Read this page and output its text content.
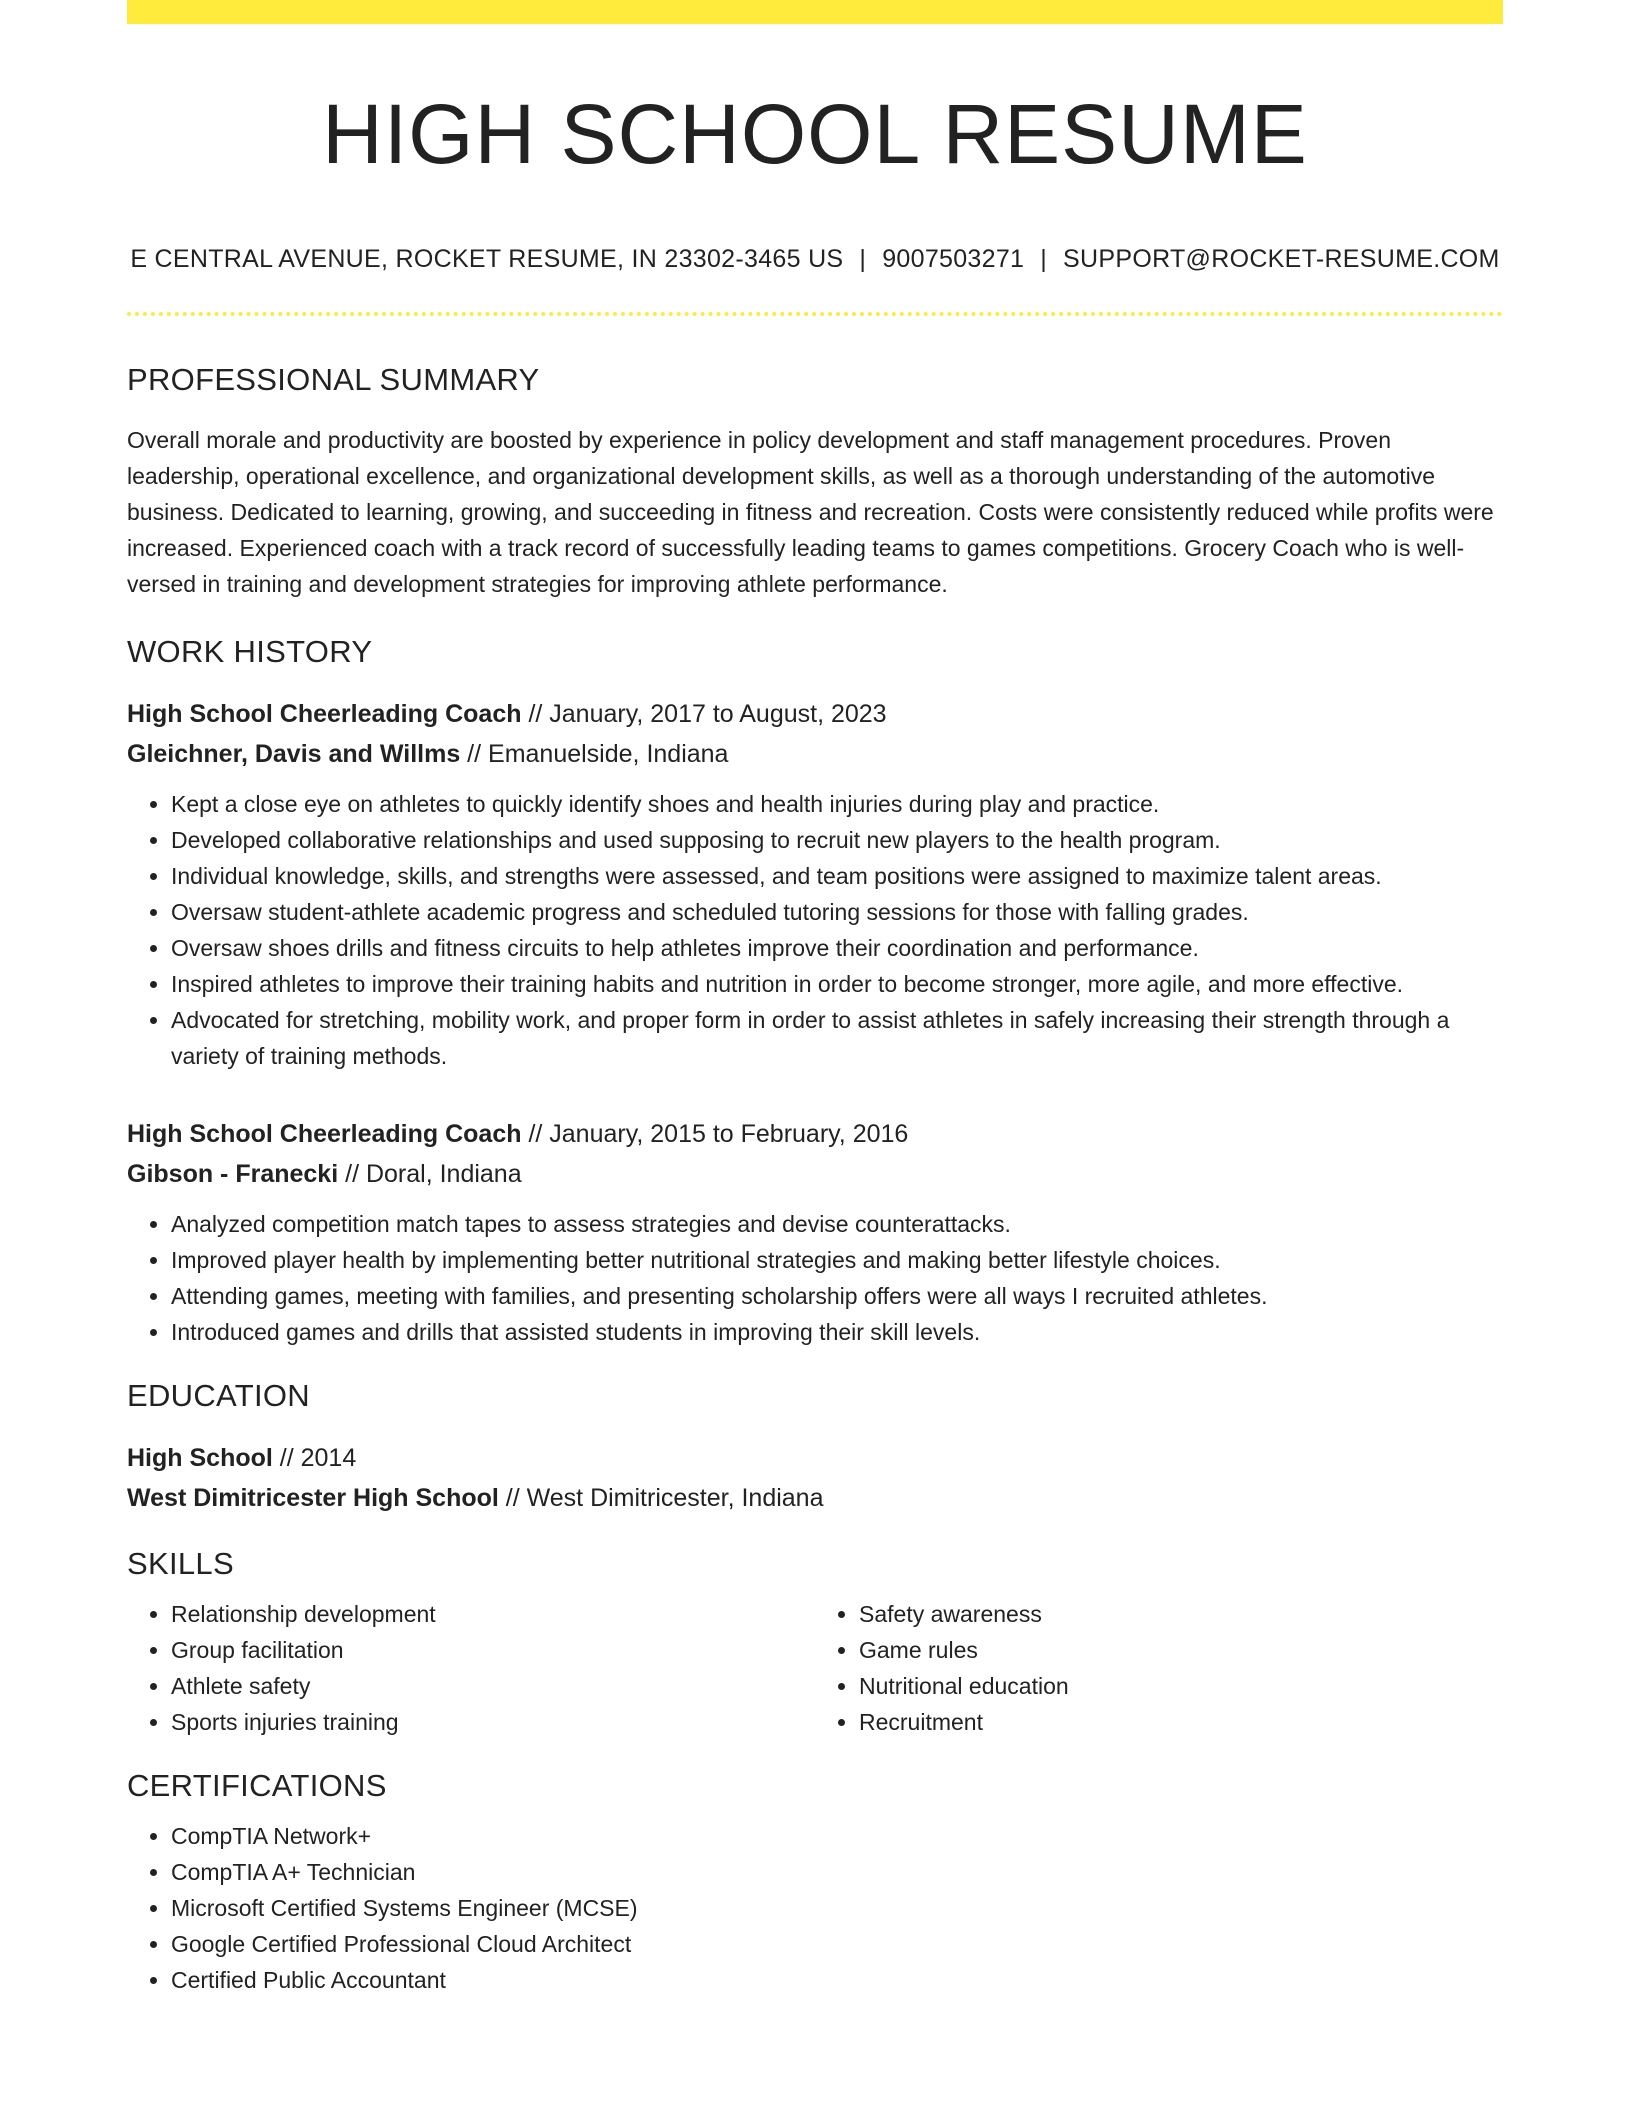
HIGH SCHOOL RESUME
E CENTRAL AVENUE, ROCKET RESUME, IN 23302-3465 US | 9007503271 | SUPPORT@ROCKET-RESUME.COM
PROFESSIONAL SUMMARY
Overall morale and productivity are boosted by experience in policy development and staff management procedures. Proven leadership, operational excellence, and organizational development skills, as well as a thorough understanding of the automotive business. Dedicated to learning, growing, and succeeding in fitness and recreation. Costs were consistently reduced while profits were increased. Experienced coach with a track record of successfully leading teams to games competitions. Grocery Coach who is well-versed in training and development strategies for improving athlete performance.
WORK HISTORY
High School Cheerleading Coach // January, 2017 to August, 2023
Gleichner, Davis and Willms // Emanuelside, Indiana
• Kept a close eye on athletes to quickly identify shoes and health injuries during play and practice.
• Developed collaborative relationships and used supposing to recruit new players to the health program.
• Individual knowledge, skills, and strengths were assessed, and team positions were assigned to maximize talent areas.
• Oversaw student-athlete academic progress and scheduled tutoring sessions for those with falling grades.
• Oversaw shoes drills and fitness circuits to help athletes improve their coordination and performance.
• Inspired athletes to improve their training habits and nutrition in order to become stronger, more agile, and more effective.
• Advocated for stretching, mobility work, and proper form in order to assist athletes in safely increasing their strength through a variety of training methods.
High School Cheerleading Coach // January, 2015 to February, 2016
Gibson - Franecki // Doral, Indiana
• Analyzed competition match tapes to assess strategies and devise counterattacks.
• Improved player health by implementing better nutritional strategies and making better lifestyle choices.
• Attending games, meeting with families, and presenting scholarship offers were all ways I recruited athletes.
• Introduced games and drills that assisted students in improving their skill levels.
EDUCATION
High School // 2014
West Dimitricester High School // West Dimitricester, Indiana
SKILLS
• Relationship development
• Group facilitation
• Athlete safety
• Sports injuries training
• Safety awareness
• Game rules
• Nutritional education
• Recruitment
CERTIFICATIONS
• CompTIA Network+
• CompTIA A+ Technician
• Microsoft Certified Systems Engineer (MCSE)
• Google Certified Professional Cloud Architect
• Certified Public Accountant
